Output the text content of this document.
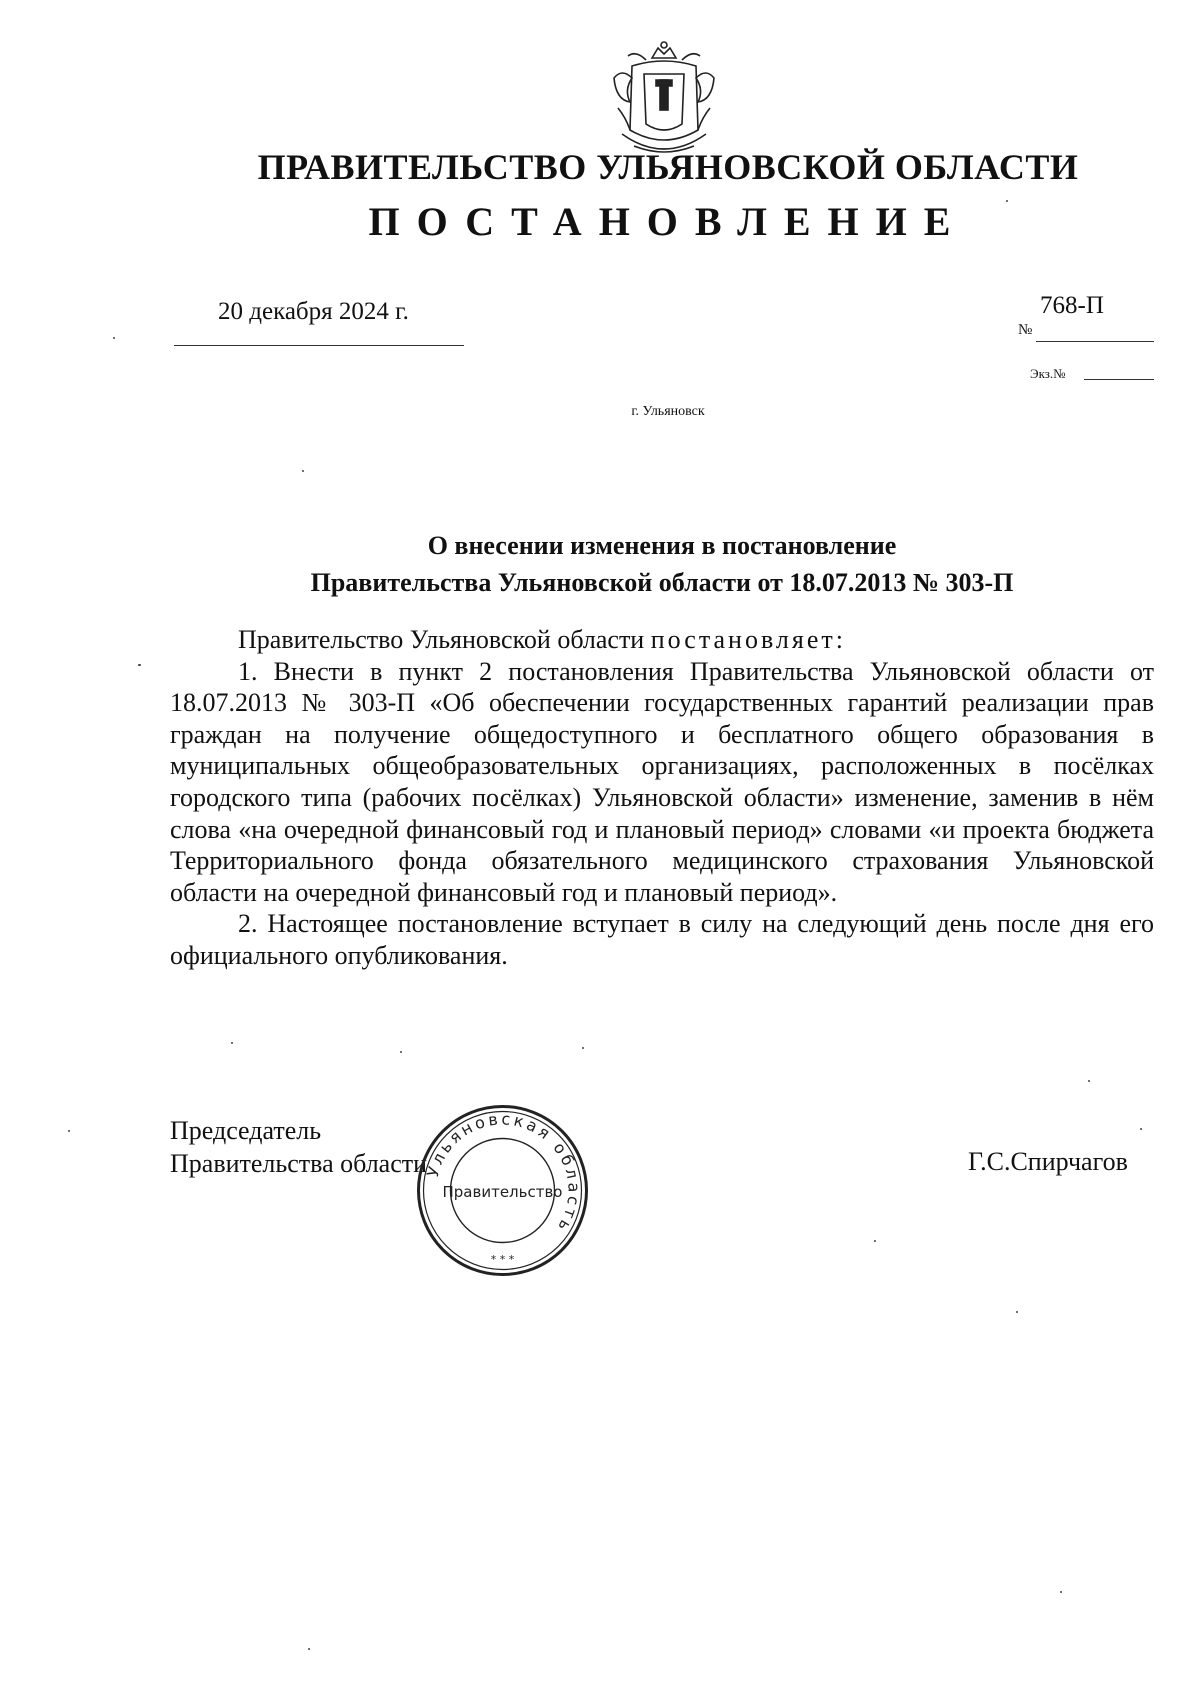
ПРАВИТЕЛЬСТВО УЛЬЯНОВСКОЙ ОБЛАСТИ
ПОСТАНОВЛЕНИЕ
20 декабря 2024 г.
№
768-П
Экз.№
г. Ульяновск
О внесении изменения в постановление
Правительства Ульяновской области от 18.07.2013 № 303-П

Правительство Ульяновской области постановляет:

1. Внести в пункт 2 постановления Правительства Ульяновской области от 18.07.2013 № 303-П «Об обеспечении государственных гарантий реализации прав граждан на получение общедоступного и бесплатного общего образования в муниципальных общеобразовательных организациях, расположенных в посёлках городского типа (рабочих посёлках) Ульяновской области» изменение, заменив в нём слова «на очередной финансовый год и плановый период» словами «и проекта бюджета Территориального фонда обязательного медицинского страхования Ульяновской области на очередной финансовый год и плановый период».

2. Настоящее постановление вступает в силу на следующий день после дня его официального опубликования.

Председатель
Правительства области	Г.С.Спирчагов
Ульяновская область
Правительство
* * *
